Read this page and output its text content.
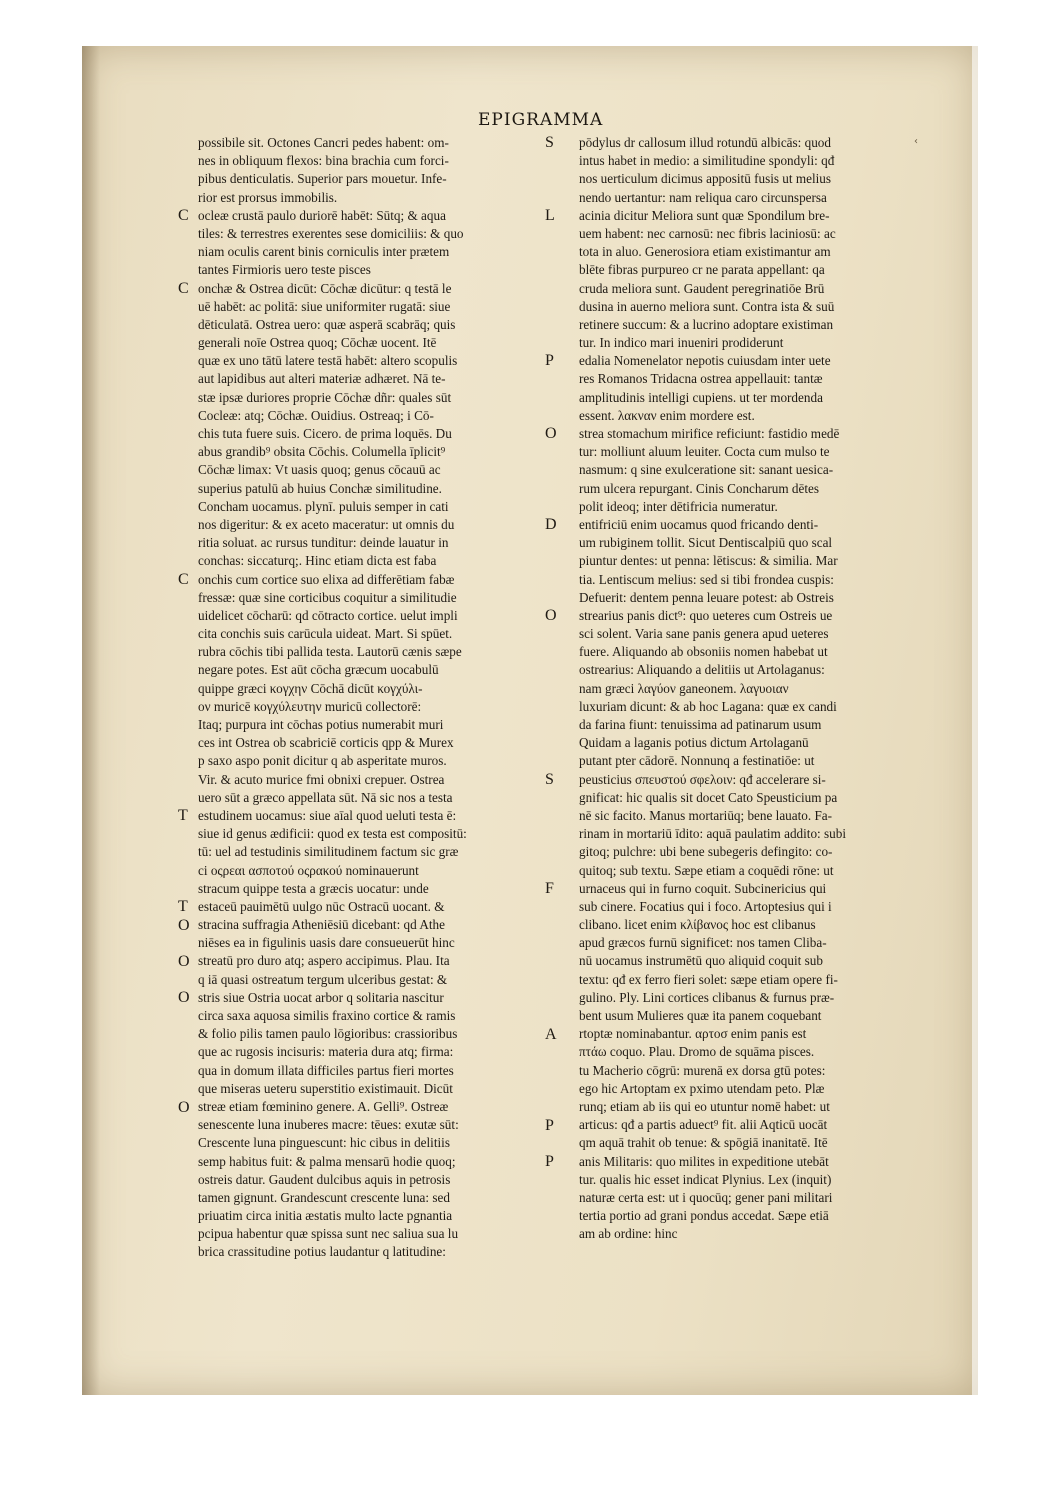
EPIGRAMMA
possibile sit. Octones Cancri pedes habent: om-
nes in obliquum flexos: bina brachia cum forci-
pibus denticulatis. Superior pars mouetur. Infe-
rior est prorsus immobilis.
ocleæ crustā paulo duriorē habēt: Sūtq; & aqua
tiles: & terrestres exerentes sese domiciliis: & quo
niam oculis carent binis corniculis inter prætem
tantes Firmioris uero teste pisces
onchæ & Ostrea dicūt: Cōchæ dicūtur: q testā le
uē habēt: ac politā: siue uniformiter rugatā: siue
dēticulatā. Ostrea uero: quæ asperā scabrāq; quis
generali noīe Ostrea quoq; Cōchæ uocent. Itē
quæ ex uno tātū latere testā habēt: altero scopulis
aut lapidibus aut alteri materiæ adhæret. Nā te-
stæ ipsæ duriores proprie Cōchæ dñr: quales sūt
Cocleæ: atq; Cōchæ. Ouidius. Ostreaq; i Cō-
chis tuta fuere suis. Cicero. de prima loquēs. Du
abus grandib⁹ obsita Cōchis. Columella īplicit⁹
Cōchæ limax: Vt uasis quoq; genus cōcauū ac
superius patulū ab huius Conchæ similitudine.
Concham uocamus. plynī. puluis semper in cati
nos digeritur: & ex aceto maceratur: ut omnis du
ritia soluat. ac rursus tunditur: deinde lauatur in
conchas: siccaturq;. Hinc etiam dicta est faba
onchis cum cortice suo elixa ad differētiam fabæ
fressæ: quæ sine corticibus coquitur a similitudie
uidelicet cōcharū: qd cōtracto cortice. uelut impli
cita conchis suis carūcula uideat. Mart. Si spūet.
rubra cōchis tibi pallida testa. Lautorū cænis sæpe
negare potes. Est aūt cōcha græcum uocabulū
quippe græci κογχην Cōchā dicūt κογχύλι-
ον muricē κογχύλευτην muricū collectorē:
Itaq; purpura int cōchas potius numerabit muri
ces int Ostrea ob scabriciē corticis qpp & Murex
p saxo aspo ponit dicitur q ab asperitate muros.
Vir. & acuto murice fmi obnixi crepuer. Ostrea
uero sūt a græco appellata sūt. Nā sic nos a testa
estudinem uocamus: siue aīal quod ueluti testa ē:
siue id genus ædificii: quod ex testa est compositū:
tū: uel ad testudinis similitudinem factum sic græ
ci οςρεαι ασποτού οςρακού nominauerunt
stracum quippe testa a græcis uocatur: unde
estaceū pauimētū uulgo nūc Ostracū uocant. &
stracina suffragia Atheniēsiū dicebant: qd Athe
niēses ea in figulinis uasis dare consueuerūt hinc
streatū pro duro atq; aspero accipimus. Plau. Ita
q iā quasi ostreatum tergum ulceribus gestat: &
stris siue Ostria uocat arbor q solitaria nascitur
circa saxa aquosa similis fraxino cortice & ramis
& folio pilis tamen paulo lōgioribus: crassioribus
que ac rugosis incisuris: materia dura atq; firma:
qua in domum illata difficiles partus fieri mortes
que miseras ueteru superstitio existimauit. Dicūt
streæ etiam fœminino genere. A. Gelli⁹. Ostreæ
senescente luna inuberes macre: tēues: exutæ sūt:
Crescente luna pinguescunt: hic cibus in delitiis
semp habitus fuit: & palma mensarū hodie quoq;
ostreis datur. Gaudent dulcibus aquis in petrosis
tamen gignunt. Grandescunt crescente luna: sed
priuatim circa initia æstatis multo lacte pgnantia
pcipua habentur quæ spissa sunt nec saliua sua lu
brica crassitudine potius laudantur q latitudine:
C
C
C
T
T
O
O
O
O
pōdylus dr callosum illud rotundū albicās: quod
intus habet in medio: a similitudine spondyli: qđ
nos uerticulum dicimus appositū fusis ut melius
nendo uertantur: nam reliqua caro circunspersa
acinia dicitur Meliora sunt quæ Spondilum bre-
uem habent: nec carnosū: nec fibris laciniosū: ac
tota in aluo. Generosiora etiam existimantur am
blēte fibras purpureo cr ne parata appellant: qa
cruda meliora sunt. Gaudent peregrinatiōe Brū
dusina in auerno meliora sunt. Contra ista & suū
retinere succum: & a lucrino adoptare existiman
tur. In indico mari inueniri prodiderunt
edalia Nomenelator nepotis cuiusdam inter uete
res Romanos Tridacna ostrea appellauit: tantæ
amplitudinis intelligi cupiens. ut ter mordenda
essent. λακναν enim mordere est.
strea stomachum mirifice reficiunt: fastidio medē
tur: molliunt aluum leuiter. Cocta cum mulso te
nasmum: q sine exulceratione sit: sanant uesica-
rum ulcera repurgant. Cinis Concharum dētes
polit ideoq; inter dētifricia numeratur.
entifriciū enim uocamus quod fricando denti-
um rubiginem tollit. Sicut Dentiscalpiū quo scal
piuntur dentes: ut penna: lētiscus: & similia. Mar
tia. Lentiscum melius: sed si tibi frondea cuspis:
Defuerit: dentem penna leuare potest: ab Ostreis
strearius panis dict⁹: quo ueteres cum Ostreis ue
sci solent. Varia sane panis genera apud ueteres
fuere. Aliquando ab obsoniis nomen habebat ut
ostrearius: Aliquando a delitiis ut Artolaganus:
nam græci λαγύον ganeonem. λαγυοιαν
luxuriam dicunt: & ab hoc Lagana: quæ ex candi
da farina fiunt: tenuissima ad patinarum usum
Quidam a laganis potius dictum Artolaganū
putant pter cādorē. Nonnunq a festinatiōe: ut
peusticius σπευστού σφελοιν: qđ accelerare si-
gnificat: hic qualis sit docet Cato Speusticium pa
nē sic facito. Manus mortariūq; bene lauato. Fa-
rinam in mortariū īdito: aquā paulatim addito: subi
gitoq; pulchre: ubi bene subegeris defingito: co-
quitoq; sub textu. Sæpe etiam a coquēdi rōne: ut
urnaceus qui in furno coquit. Subcinericius qui
sub cinere. Focatius qui i foco. Artoptesius qui i
clibano. licet enim κλίβανος hoc est clibanus
apud græcos furnū significet: nos tamen Cliba-
nū uocamus instrumētū quo aliquid coquit sub
textu: qđ ex ferro fieri solet: sæpe etiam opere fi-
gulino. Ply. Lini cortices clibanus & furnus præ-
bent usum Mulieres quæ ita panem coquebant
rtoptæ nominabantur. αρτοσ enim panis est
πτάω coquo. Plau. Dromo de squāma pisces.
tu Macherio cōgrū: murenā ex dorsa gtū potes:
ego hic Artoptam ex pximo utendam peto. Plæ
runq; etiam ab iis qui eo utuntur nomē habet: ut
articus: qđ a partis aduect⁹ fit. alii Aqticū uocāt
qm aquā trahit ob tenue: & spōgiā inanitatē. Itē
anis Militaris: quo milites in expeditione utebāt
tur. qualis hic esset indicat Plynius. Lex (inquit)
naturæ certa est: ut i quocūq; gener pani militari
tertia portio ad grani pondus accedat. Sæpe etiā
am ab ordine: hinc
S
L
P
O
D
O
S
F
A
P
P
‹
